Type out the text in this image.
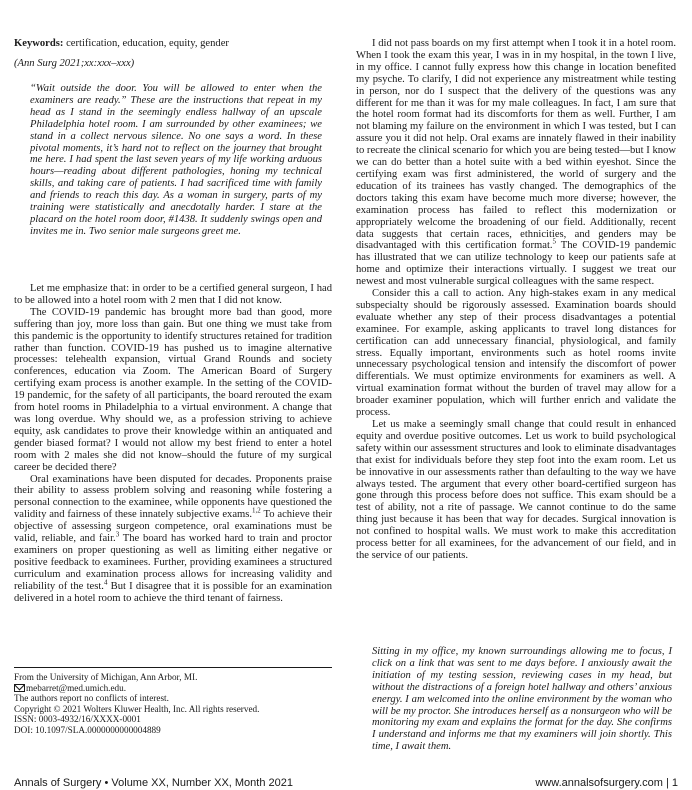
Keywords: certification, education, equity, gender
(Ann Surg 2021;xx:xxx–xxx)

“Wait outside the door. You will be allowed to enter when the examiners are ready.” These are the instructions that repeat in my head as I stand in the seemingly endless hallway of an upscale Philadelphia hotel room. I am surrounded by other examinees; we stand in a collect nervous silence. No one says a word. In these pivotal moments, it’s hard not to reflect on the journey that brought me here. I had spent the last seven years of my life working arduous hours—reading about different pathologies, honing my technical skills, and taking care of patients. I had sacrificed time with family and friends to reach this day. As a woman in surgery, parts of my training were statistically and anecdotally harder. I stare at the placard on the hotel room door, #1438. It suddenly swings open and invites me in. Two senior male surgeons greet me.

Let me emphasize that: in order to be a certified general surgeon, I had to be allowed into a hotel room with 2 men that I did not know.

The COVID-19 pandemic has brought more bad than good, more suffering than joy, more loss than gain. But one thing we must take from this pandemic is the opportunity to identify structures retained for tradition rather than function. COVID-19 has pushed us to imagine alternative processes: telehealth expansion, virtual Grand Rounds and society conferences, education via Zoom. The American Board of Surgery certifying exam process is another example. In the setting of the COVID-19 pandemic, for the safety of all participants, the board rerouted the exam from hotel rooms in Philadelphia to a virtual environment. A change that was long overdue. Why should we, as a profession striving to achieve equity, ask candidates to prove their knowledge within an antiquated and gender biased format? I would not allow my best friend to enter a hotel room with 2 males she did not know–should the future of my surgical career be decided there?

Oral examinations have been disputed for decades. Proponents praise their ability to assess problem solving and reasoning while fostering a personal connection to the examinee, while opponents have questioned the validity and fairness of these innately subjective exams.$^{1,2}$ To achieve their objective of assessing surgeon competence, oral examinations must be valid, reliable, and fair.$^3$ The board has worked hard to train and proctor examiners on proper questioning as well as limiting either negative or positive feedback to examinees. Further, providing examinees a structured curriculum and examination process allows for increasing validity and reliability of the test.$^4$ But I disagree that it is possible for an examination delivered in a hotel room to achieve the third tenant of fairness.

I did not pass boards on my first attempt when I took it in a hotel room. When I took the exam this year, I was in in my hospital, in the town I live, in my office. I cannot fully express how this change in location benefited my psyche. To clarify, I did not experience any mistreatment while testing in person, nor do I suspect that the delivery of the questions was any different for me than it was for my male colleagues. In fact, I am sure that the hotel room format had its discomforts for them as well. Further, I am not blaming my failure on the environment in which I was tested, but I can assure you it did not help. Oral exams are innately flawed in their inability to recreate the clinical scenario for which you are being tested—but I know we can do better than a hotel suite with a bed within eyeshot. Since the certifying exam was first administered, the world of surgery and the education of its trainees has vastly changed. The demographics of the doctors taking this exam have become much more diverse; however, the examination process has failed to reflect this modernization or appropriately welcome the broadening of our field. Additionally, recent data suggests that certain races, ethnicities, and genders may be disadvantaged with this certification format.$^5$ The COVID-19 pandemic has illustrated that we can utilize technology to keep our patients safe at home and optimize their interactions virtually. I suggest we treat our newest and most vulnerable surgical colleagues with the same respect.

Consider this a call to action. Any high-stakes exam in any medical subspecialty should be rigorously assessed. Examination boards should evaluate whether any step of their process disadvantages a potential examinee. For example, asking applicants to travel long distances for certification can add unnecessary financial, physiological, and family stress. Equally important, environments such as hotel rooms invite unnecessary psychological tension and intensify the discomfort of power differentials. We must optimize environments for examiners as well. A virtual examination format without the burden of travel may allow for a broader examiner population, which will further enrich and validate the process.

Let us make a seemingly small change that could result in enhanced equity and overdue positive outcomes. Let us work to build psychological safety within our assessment structures and look to eliminate disadvantages that exist for individuals before they step foot into the exam room. Let us be innovative in our assessments rather than defaulting to the way we have always tested. The argument that every other board-certified surgeon has gone through this process before does not suffice. This exam should be a test of ability, not a rite of passage. We cannot continue to do the same thing just because it has been that way for decades. Surgical innovation is not confined to hospital walls. We must work to make this accreditation process better for all examinees, for the advancement of our field, and in the service of our patients.

Sitting in my office, my known surroundings allowing me to focus, I click on a link that was sent to me days before. I anxiously await the initiation of my testing session, reviewing cases in my head, but without the distractions of a foreign hotel hallway and others’ anxious energy. I am welcomed into the online environment by the woman who will be my proctor. She introduces herself as a nonsurgeon who will be monitoring my exam and explains the format for the day. She confirms I understand and informs me that my examiners will join shortly. This time, I await them.

From the University of Michigan, Ann Arbor, MI.
mebarret@med.umich.edu.
The authors report no conflicts of interest.
Copyright © 2021 Wolters Kluwer Health, Inc. All rights reserved.
ISSN: 0003-4932/16/XXXX-0001
DOI: 10.1097/SLA.0000000000004889
Annals of Surgery • Volume XX, Number XX, Month 2021	www.annalsofsurgery.com | 1
